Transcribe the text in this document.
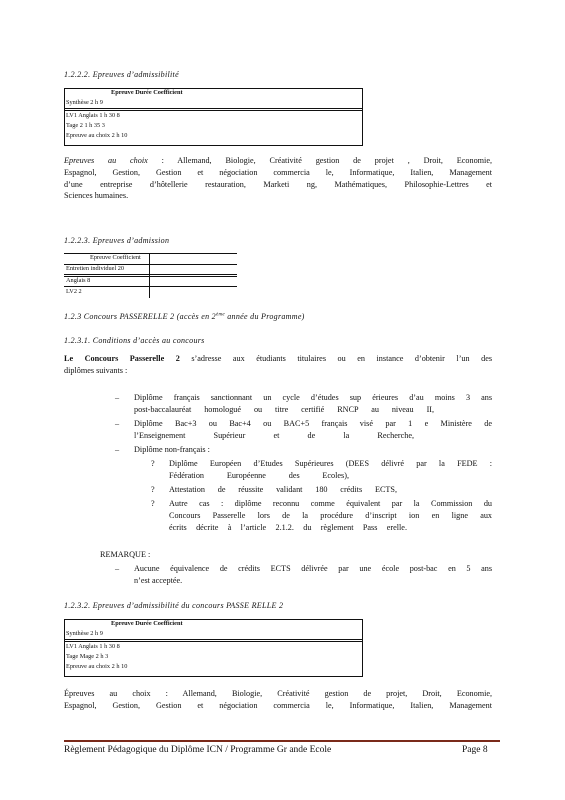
1.2.2.2. Epreuves d’admissibilité
Epreuve Durée Coefficient
Synthèse 2 h 9
LV1 Anglais 1 h 30 8
Tage 2 1 h 35 3
Epreuve au choix 2 h 10
Epreuves au choix : Allemand, Biologie, Créativité gestion de projet , Droit, Economie,
Espagnol, Gestion, Gestion et négociation commercia le, Informatique, Italien, Management
d’une entreprise d’hôtellerie restauration, Marketi ng, Mathématiques, Philosophie-Lettres et
Sciences humaines.
1.2.2.3. Epreuves d’admission
Epreuve Coefficient
Entretien individuel 20
Anglais 8
LV2 2
1.2.3 Concours PASSERELLE 2 (accès en 2ème année du Programme)
1.2.3.1. Conditions d’accès au concours
Le Concours Passerelle 2 s’adresse aux étudiants titulaires ou en instance d’obtenir l’un des
diplômes suivants :
– Diplôme français sanctionnant un cycle d’études sup érieures d’au moins 3 ans
post-baccalauréat homologué ou titre certifié RNCP au niveau II,
– Diplôme Bac+3 ou Bac+4 ou BAC+5 français visé par 1 e Ministère de
l’Enseignement	Supérieur	et de la Recherche,
– Diplôme non-français :
? Diplôme Européen d’Etudes Supérieures (DEES délivré par la FEDE :
Fédération	Européenne	des Ecoles),
? Attestation de réussite validant 180 crédits ECTS,
? Autre cas : diplôme reconnu comme équivalent par la Commission du
Concours Passerelle lors de la procédure d’inscript ion en ligne aux
écrits décrite à l’article 2.1.2. du règlement Pass erelle.
REMARQUE :
– Aucune équivalence de crédits ECTS délivrée par une école post-bac en 5 ans
n’est acceptée.
1.2.3.2. Epreuves d’admissibilité du concours PASSE RELLE 2
Epreuve Durée Coefficient
Synthèse 2 h 9
LV1 Anglais 1 h 30 8
Tage Mage 2 h 3
Epreuve au choix 2 h 10
Épreuves au choix : Allemand, Biologie, Créativité gestion de projet, Droit, Economie,
Espagnol, Gestion, Gestion et négociation commercia le, Informatique, Italien, Management
Règlement Pédagogique du Diplôme ICN / Programme Gr ande Ecole	Page 8
